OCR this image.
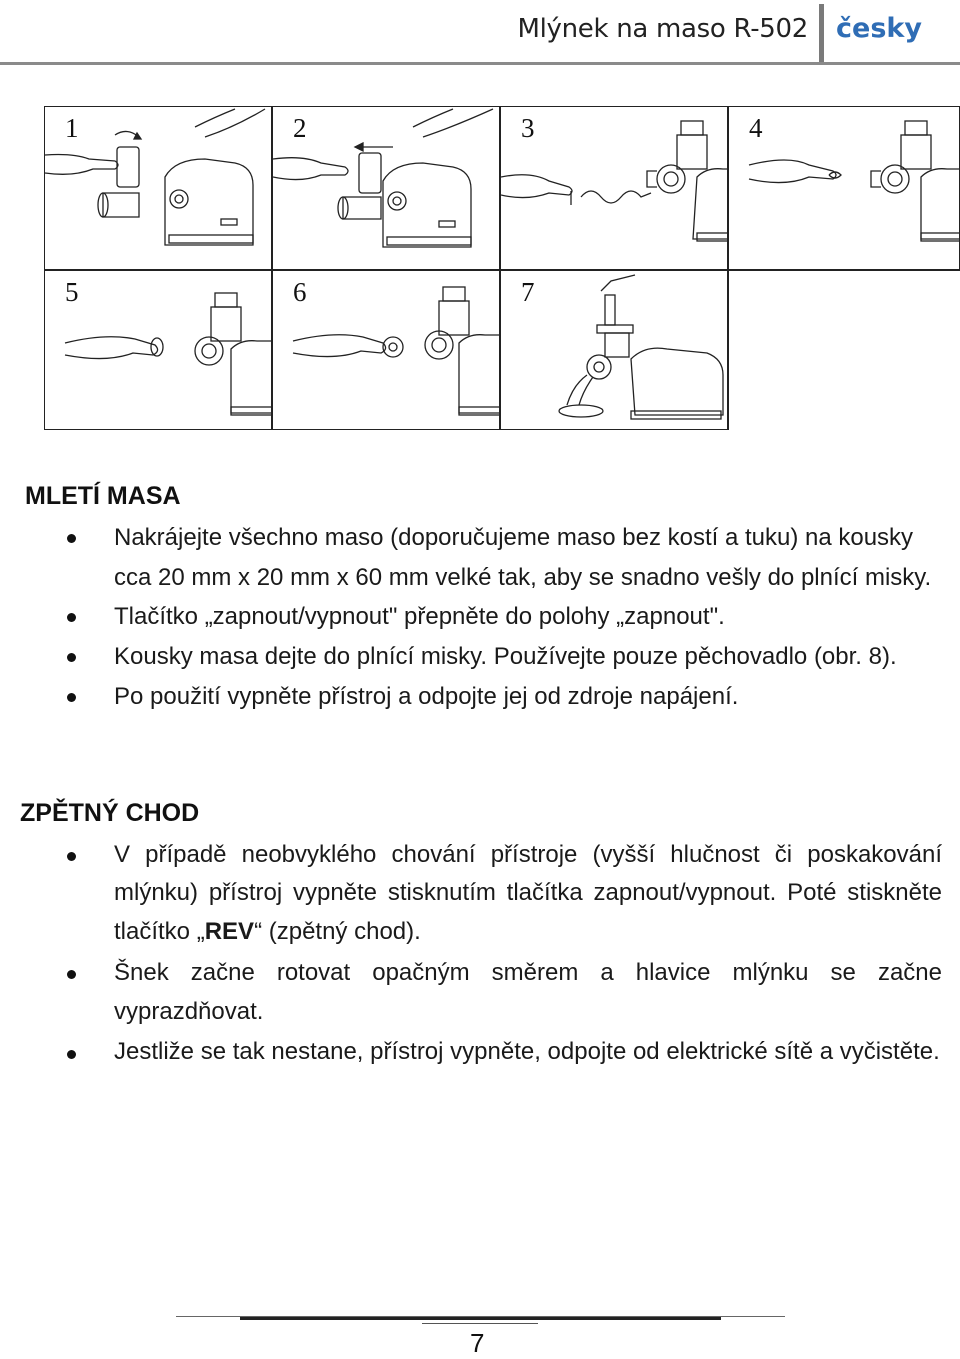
Mlýnek na maso R-502 česky
1	2	3	4
5	6	7
MLETÍ MASA
Nakrájejte všechno maso (doporučujeme maso bez kostí a tuku) na kousky
cca 20 mm x 20 mm x 60 mm velké tak, aby se snadno vešly do plnící misky.
Tlačítko „zapnout/vypnout" přepněte do polohy „zapnout".
Kousky masa dejte do plnící misky. Používejte pouze pěchovadlo (obr. 8).
Po použití vypněte přístroj a odpojte jej od zdroje napájení.
ZPĚTNÝ CHOD
V případě neobvyklého chování přístroje (vyšší hlučnost či poskakování
mlýnku) přístroj vypněte stisknutím tlačítka zapnout/vypnout. Poté stiskněte
tlačítko „REV“ (zpětný chod).
Šnek začne rotovat opačným směrem a hlavice mlýnku se začne
vyprazdňovat.
Jestliže se tak nestane, přístroj vypněte, odpojte od elektrické sítě a vyčistěte.
7
